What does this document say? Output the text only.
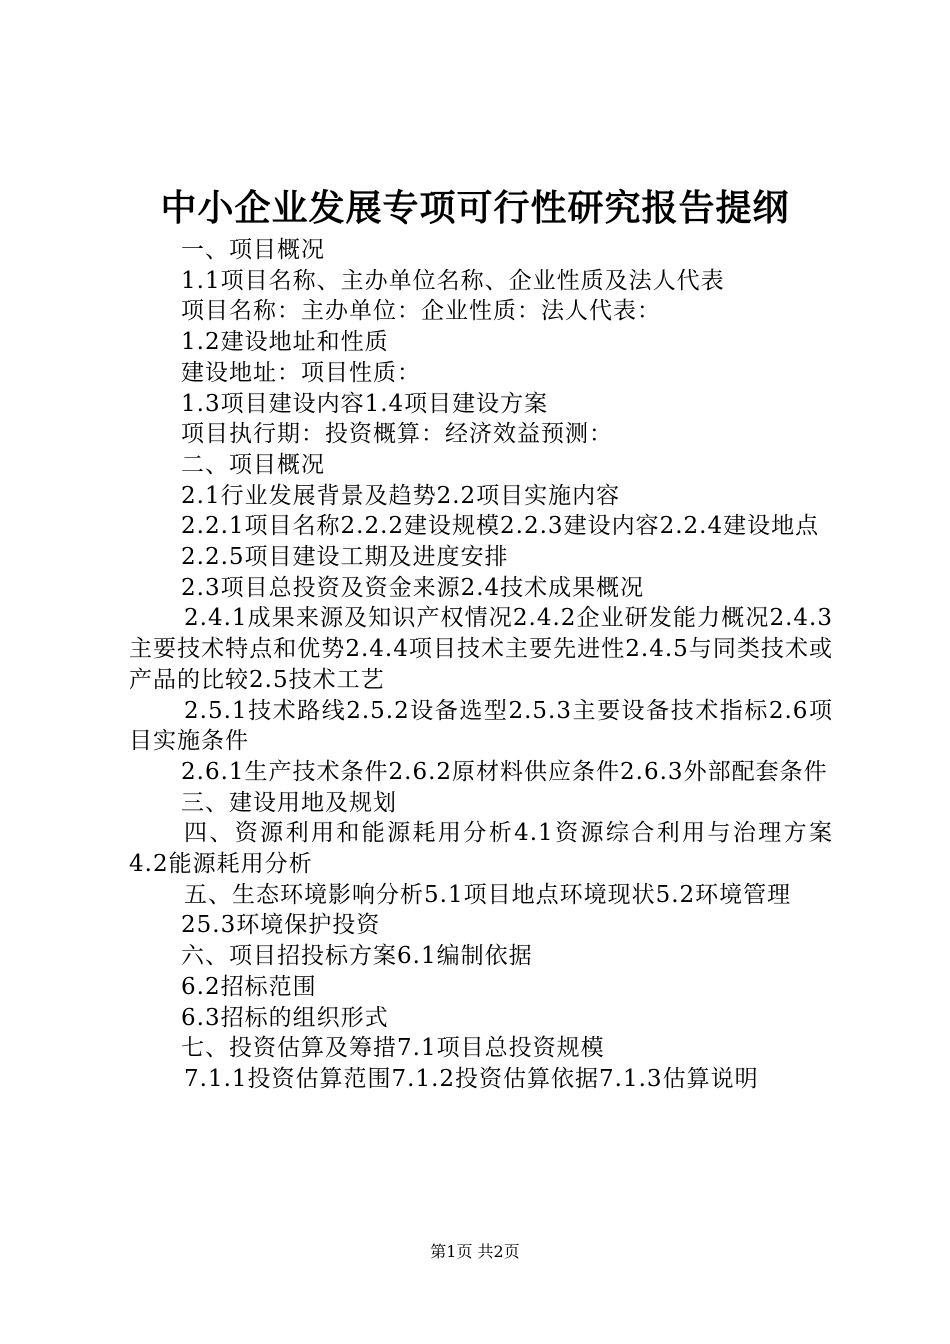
中小企业发展专项可行性研究报告提纲
一、项目概况
1.1项目名称、主办单位名称、企业性质及法人代表
项目名称：主办单位：企业性质：法人代表：
1.2建设地址和性质
建设地址：项目性质：
1.3项目建设内容1.4项目建设方案
项目执行期：投资概算：经济效益预测：
二、项目概况
2.1行业发展背景及趋势2.2项目实施内容
2.2.1项目名称2.2.2建设规模2.2.3建设内容2.2.4建设地点
2.2.5项目建设工期及进度安排
2.3项目总投资及资金来源2.4技术成果概况
2.4.1成果来源及知识产权情况2.4.2企业研发能力概况2.4.3主要技术特点和优势2.4.4项目技术主要先进性2.4.5与同类技术或产品的比较2.5技术工艺
2.5.1技术路线2.5.2设备选型2.5.3主要设备技术指标2.6项目实施条件
2.6.1生产技术条件2.6.2原材料供应条件2.6.3外部配套条件
三、建设用地及规划
四、资源利用和能源耗用分析4.1资源综合利用与治理方案4.2能源耗用分析
五、生态环境影响分析5.1项目地点环境现状5.2环境管理
25.3环境保护投资
六、项目招投标方案6.1编制依据
6.2招标范围
6.3招标的组织形式
七、投资估算及筹措7.1项目总投资规模
7.1.1投资估算范围7.1.2投资估算依据7.1.3估算说明
第1页 共2页
